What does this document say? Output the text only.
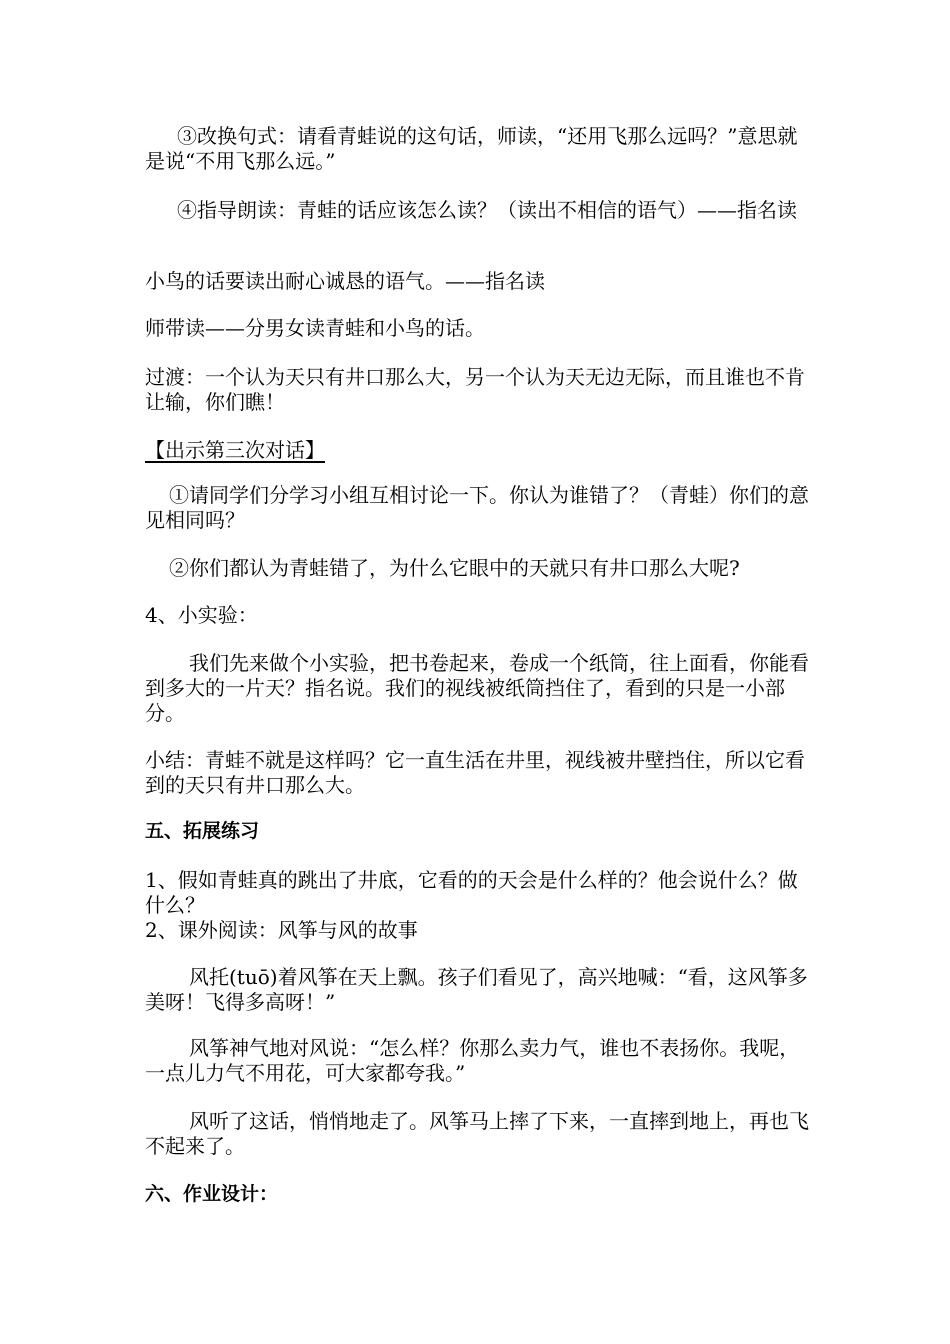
③改换句式：请看青蛙说的这句话，师读，“还用飞那么远吗？”意思就是说“不用飞那么远。”

④指导朗读：青蛙的话应该怎么读？（读出不相信的语气）——指名读

小鸟的话要读出耐心诚恳的语气。——指名读

师带读——分男女读青蛙和小鸟的话。

过渡：一个认为天只有井口那么大，另一个认为天无边无际，而且谁也不肯让输，你们瞧！

【出示第三次对话】

①请同学们分学习小组互相讨论一下。你认为谁错了？（青蛙）你们的意见相同吗？

②你们都认为青蛙错了，为什么它眼中的天就只有井口那么大呢?

4、小实验：

我们先来做个小实验，把书卷起来，卷成一个纸筒，往上面看，你能看到多大的一片天？指名说。我们的视线被纸筒挡住了，看到的只是一小部分。

小结：青蛙不就是这样吗？它一直生活在井里，视线被井壁挡住，所以它看到的天只有井口那么大。

五、拓展练习

1、假如青蛙真的跳出了井底，它看的的天会是什么样的？他会说什么？做什么？

2、课外阅读：风筝与风的故事

风托(tuō)着风筝在天上飘。孩子们看见了，高兴地喊：“看，这风筝多美呀！飞得多高呀！”

风筝神气地对风说：“怎么样？你那么卖力气，谁也不表扬你。我呢，一点儿力气不用花，可大家都夸我。”

风听了这话，悄悄地走了。风筝马上摔了下来，一直摔到地上，再也飞不起来了。

六、作业设计：
